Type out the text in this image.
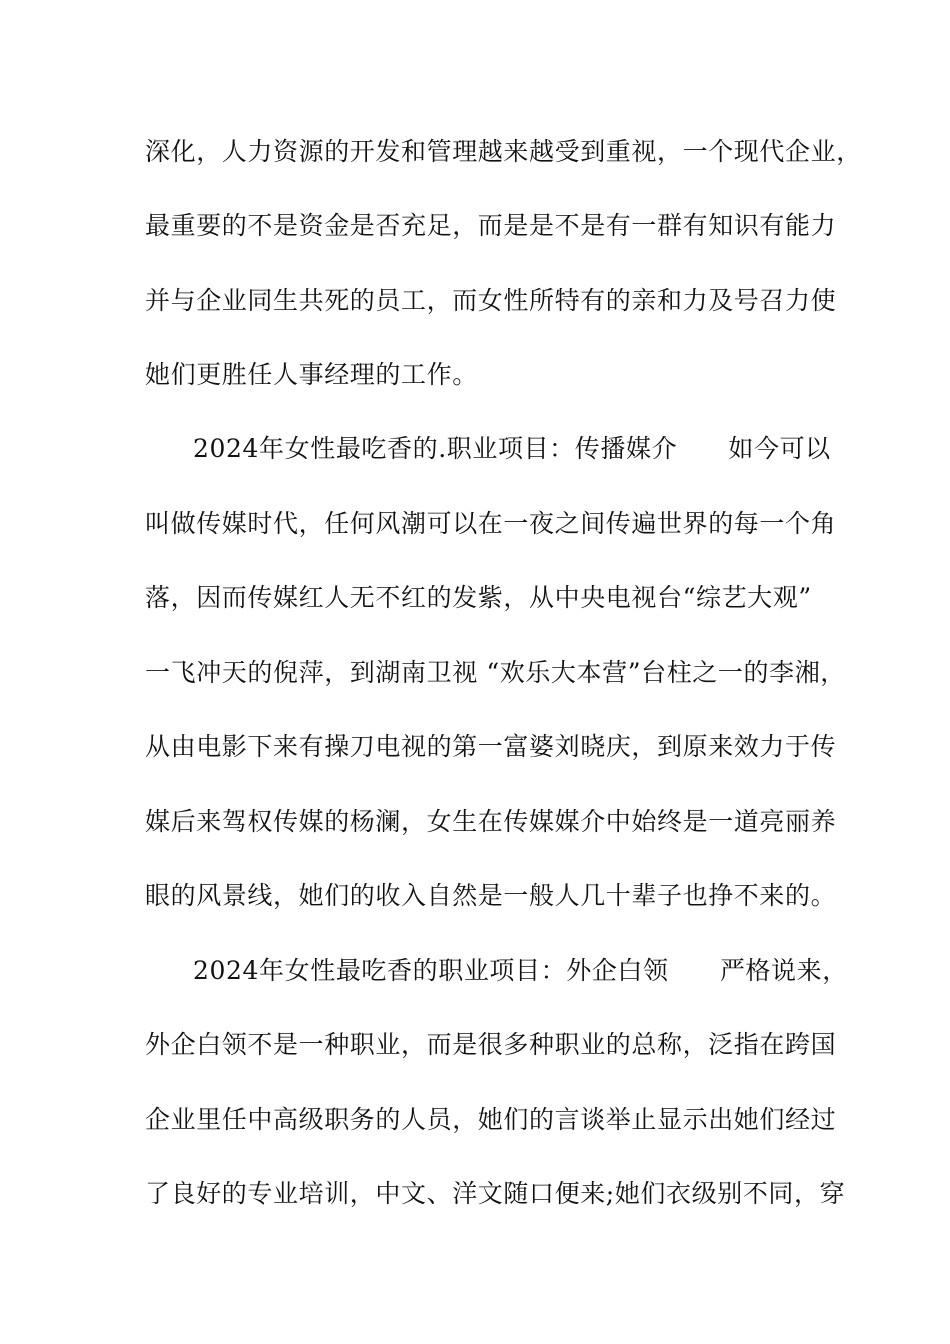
深化，人力资源的开发和管理越来越受到重视，一个现代企业，
最重要的不是资金是否充足，而是是不是有一群有知识有能力
并与企业同生共死的员工，而女性所特有的亲和力及号召力使
她们更胜任人事经理的工作。
2024年女性最吃香的.职业项目：传播媒介　　如今可以
叫做传媒时代，任何风潮可以在一夜之间传遍世界的每一个角
落，因而传媒红人无不红的发紫，从中央电视台“综艺大观”
一飞冲天的倪萍，到湖南卫视 “欢乐大本营”台柱之一的李湘，
从由电影下来有操刀电视的第一富婆刘晓庆，到原来效力于传
媒后来驾权传媒的杨澜，女生在传媒媒介中始终是一道亮丽养
眼的风景线，她们的收入自然是一般人几十辈子也挣不来的。
2024年女性最吃香的职业项目：外企白领　　严格说来，
外企白领不是一种职业，而是很多种职业的总称，泛指在跨国
企业里任中高级职务的人员，她们的言谈举止显示出她们经过
了良好的专业培训，中文、洋文随口便来;她们衣级别不同，穿
